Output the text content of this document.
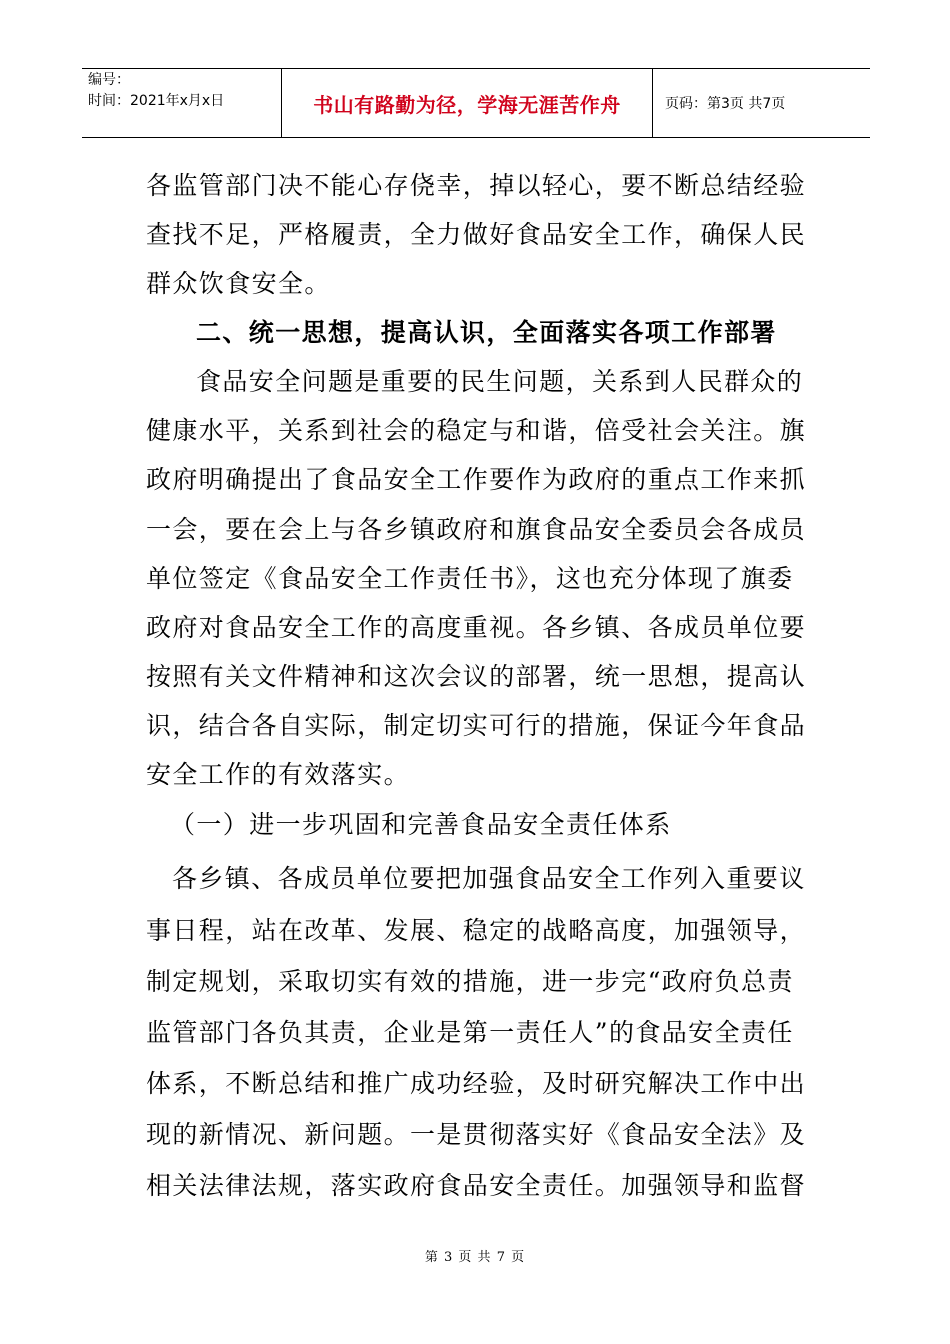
编号：
时间：2021年x月x日	书山有路勤为径，学海无涯苦作舟	页码：第3页 共7页
各监管部门决不能心存侥幸，掉以轻心，要不断总结经验
查找不足，严格履责，全力做好食品安全工作，确保人民
群众饮食安全。
二、统一思想，提高认识，全面落实各项工作部署
食品安全问题是重要的民生问题，关系到人民群众的
健康水平，关系到社会的稳定与和谐，倍受社会关注。旗
政府明确提出了食品安全工作要作为政府的重点工作来抓
一会，要在会上与各乡镇政府和旗食品安全委员会各成员
单位签定《食品安全工作责任书》，这也充分体现了旗委
政府对食品安全工作的高度重视。各乡镇、各成员单位要
按照有关文件精神和这次会议的部署，统一思想，提高认
识，结合各自实际，制定切实可行的措施，保证今年食品
安全工作的有效落实。
（一）进一步巩固和完善食品安全责任体系
各乡镇、各成员单位要把加强食品安全工作列入重要议
事日程，站在改革、发展、稳定的战略高度，加强领导，
制定规划，采取切实有效的措施，进一步完“政府负总责
监管部门各负其责，企业是第一责任人”的食品安全责任
体系，不断总结和推广成功经验，及时研究解决工作中出
现的新情况、新问题。一是贯彻落实好《食品安全法》及
相关法律法规，落实政府食品安全责任。加强领导和监督
第 3 页 共 7 页
